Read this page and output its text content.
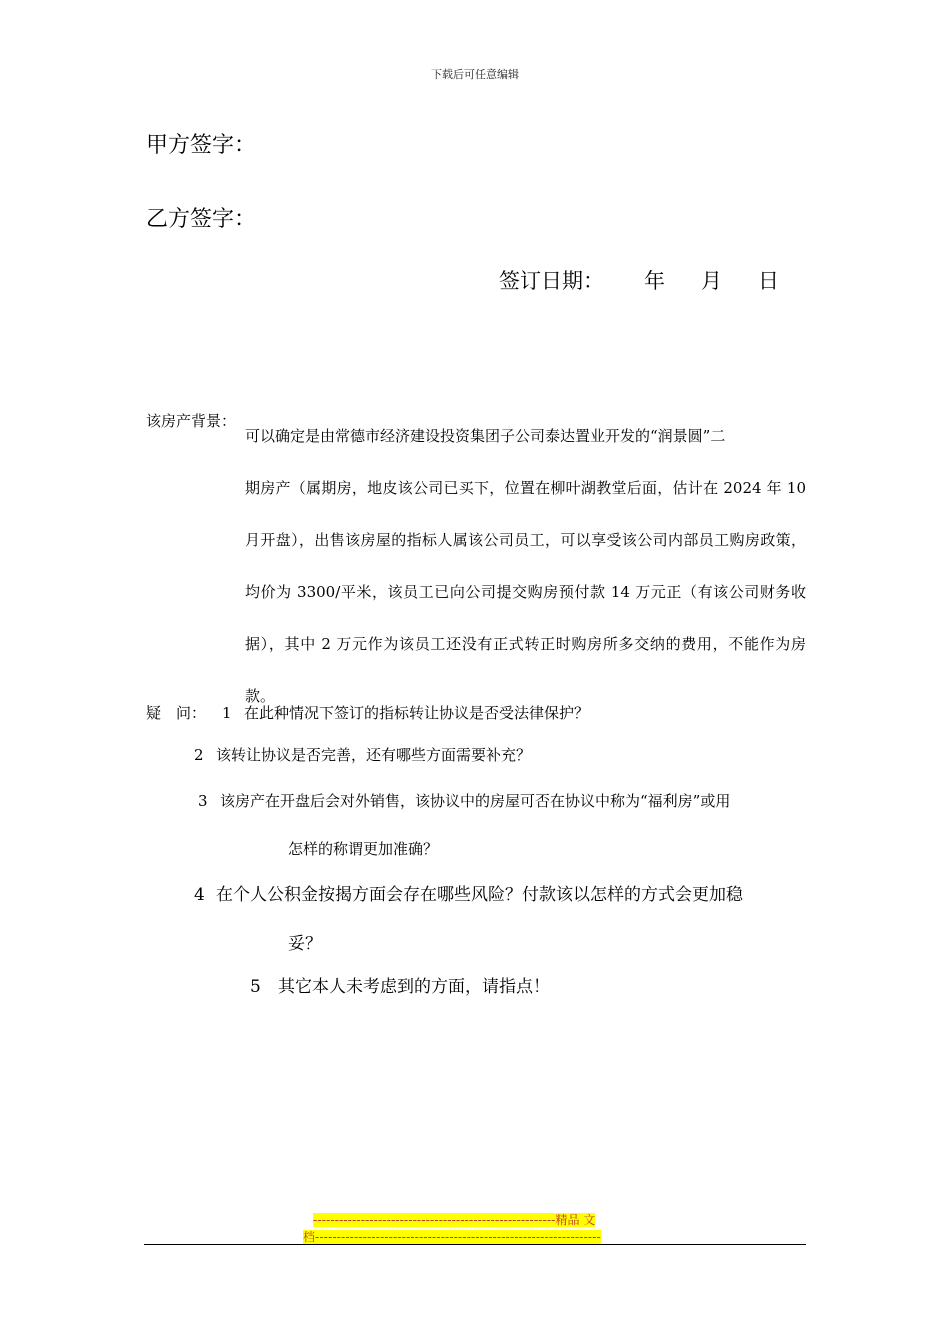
下载后可任意编辑
甲方签字：
乙方签字：
签订日期： 年 月 日
该房产背景：
可以确定是由常德市经济建设投资集团子公司泰达置业开发的“润景圆”二
期房产（属期房，地皮该公司已买下，位置在柳叶湖教堂后面，估计在 2024 年 10 月开盘），出售该房屋的指标人属该公司员工，可以享受该公司内部员工购房政策，均价为 3300/平米，该员工已向公司提交购房预付款 14 万元正（有该公司财务收据），其中 2 万元作为该员工还没有正式转正时购房所多交纳的费用，不能作为房款。
疑　问： 1 在此种情况下签订的指标转让协议是否受法律保护？
2 该转让协议是否完善，还有哪些方面需要补充？
3 该房产在开盘后会对外销售，该协议中的房屋可否在协议中称为“福利房”或用
怎样的称谓更加准确？
4 在个人公积金按揭方面会存在哪些风险？付款该以怎样的方式会更加稳
妥？
5 其它本人未考虑到的方面，请指点！
--------------------------------------------------------精品 文
档------------------------------------------------------------------
